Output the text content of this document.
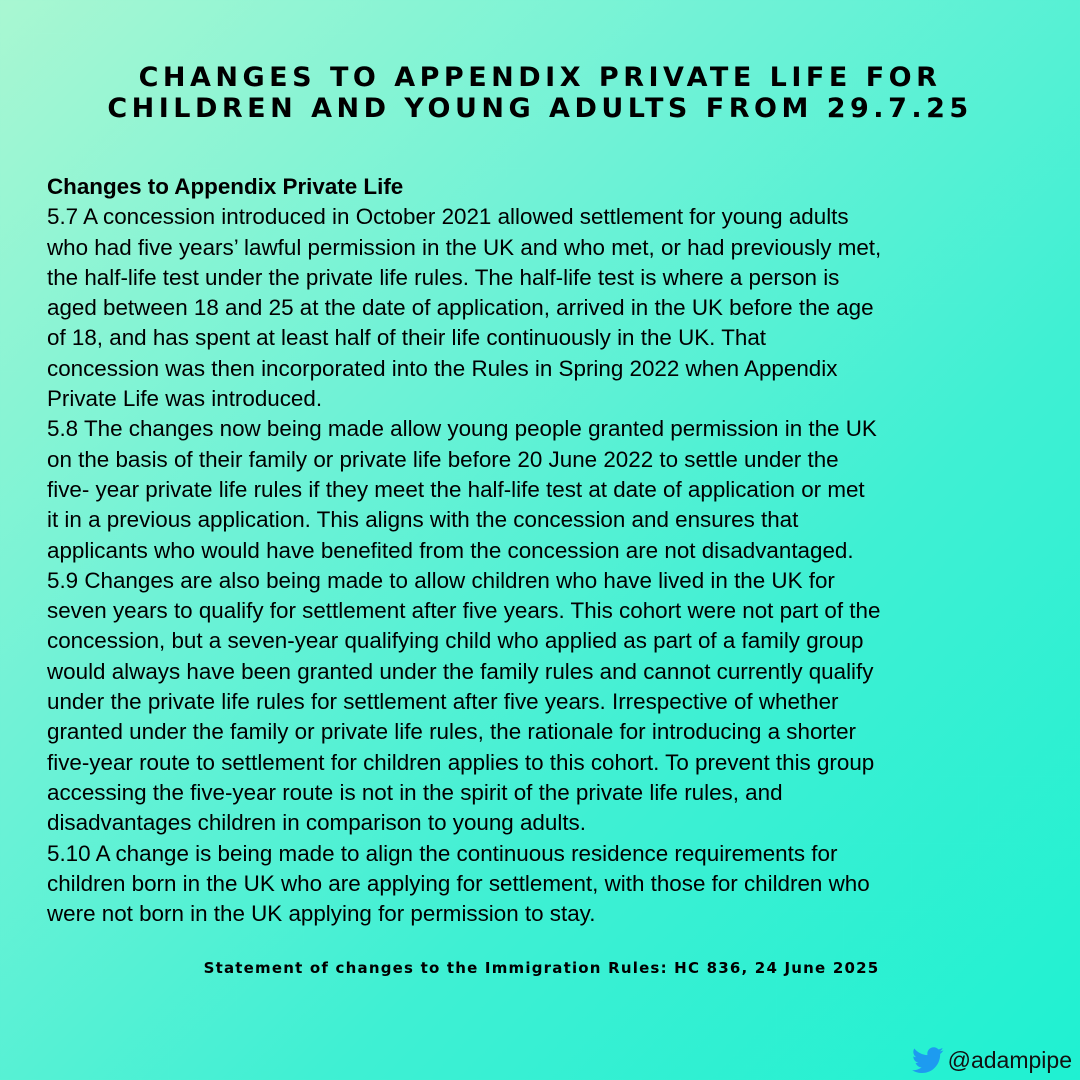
CHANGES TO APPENDIX PRIVATE LIFE FOR
CHILDREN AND YOUNG ADULTS FROM 29.7.25
Changes to Appendix Private Life
5.7 A concession introduced in October 2021 allowed settlement for young adults
who had five years’ lawful permission in the UK and who met, or had previously met,
the half-life test under the private life rules. The half-life test is where a person is
aged between 18 and 25 at the date of application, arrived in the UK before the age
of 18, and has spent at least half of their life continuously in the UK. That
concession was then incorporated into the Rules in Spring 2022 when Appendix
Private Life was introduced.
5.8 The changes now being made allow young people granted permission in the UK
on the basis of their family or private life before 20 June 2022 to settle under the
five- year private life rules if they meet the half-life test at date of application or met
it in a previous application. This aligns with the concession and ensures that
applicants who would have benefited from the concession are not disadvantaged.
5.9 Changes are also being made to allow children who have lived in the UK for
seven years to qualify for settlement after five years. This cohort were not part of the
concession, but a seven-year qualifying child who applied as part of a family group
would always have been granted under the family rules and cannot currently qualify
under the private life rules for settlement after five years. Irrespective of whether
granted under the family or private life rules, the rationale for introducing a shorter
five-year route to settlement for children applies to this cohort. To prevent this group
accessing the five-year route is not in the spirit of the private life rules, and
disadvantages children in comparison to young adults.
5.10 A change is being made to align the continuous residence requirements for
children born in the UK who are applying for settlement, with those for children who
were not born in the UK applying for permission to stay.
Statement of changes to the Immigration Rules: HC 836, 24 June 2025
@adampipe
